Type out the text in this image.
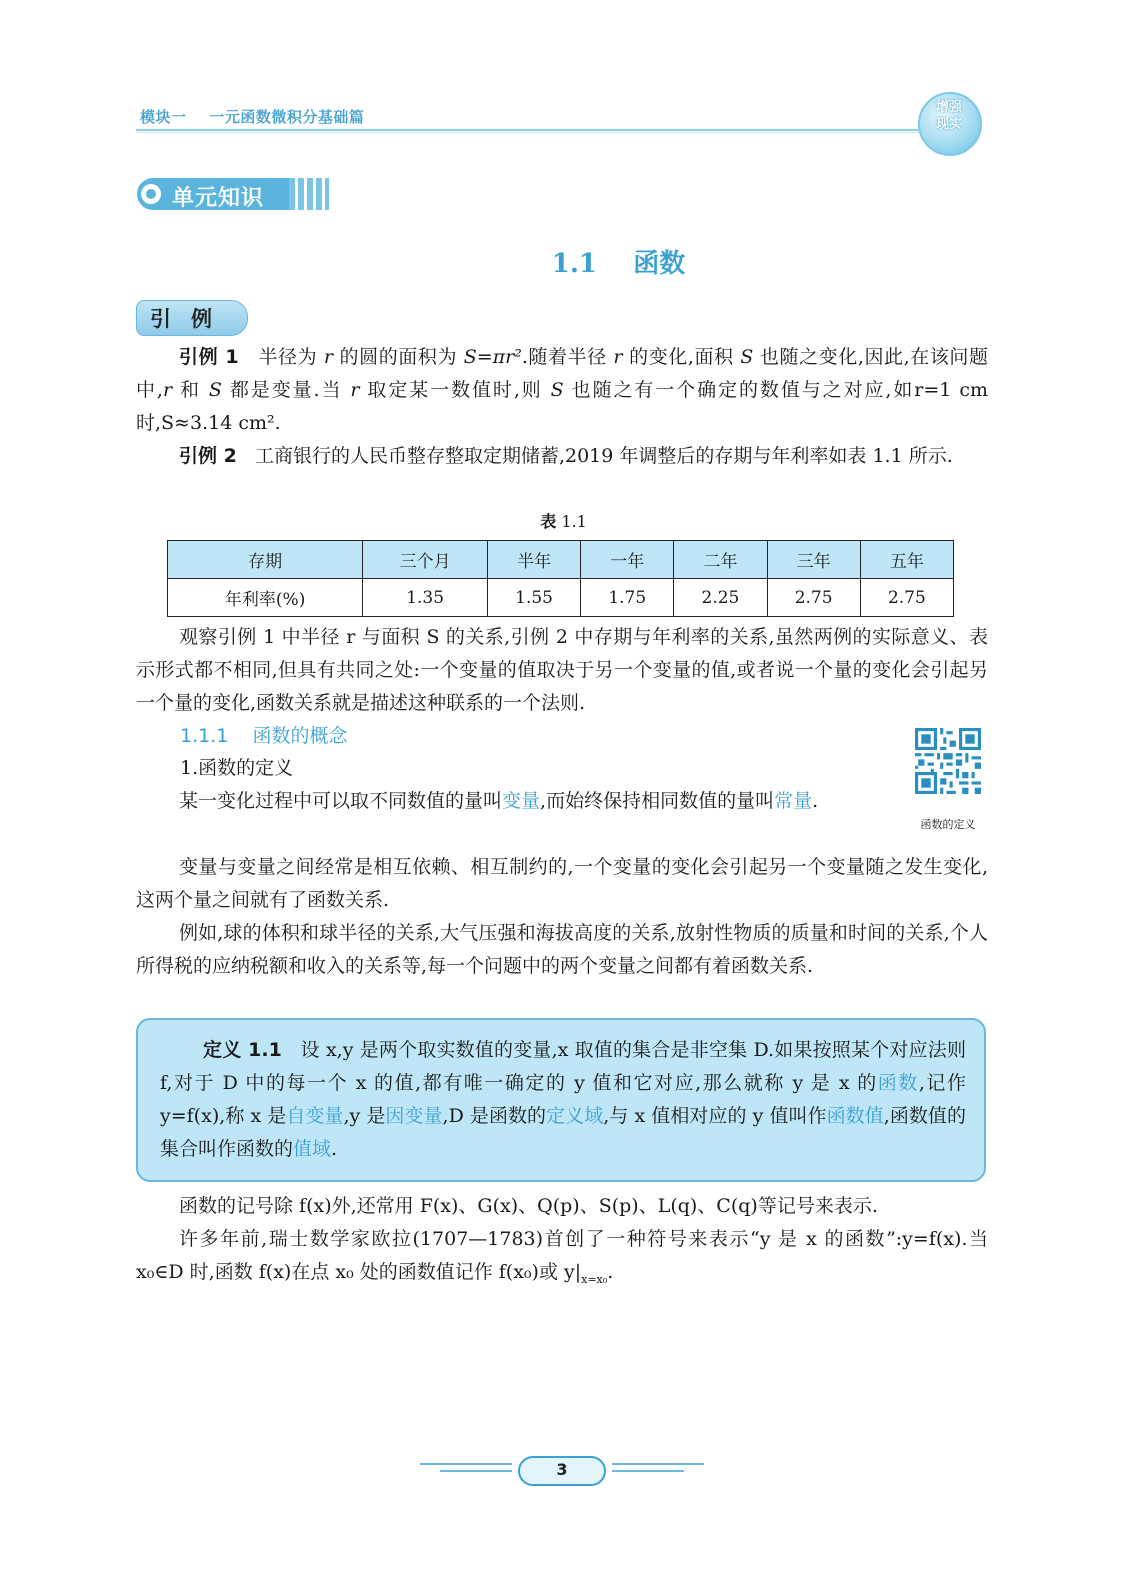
模块一    一元函数微积分基础篇
增强
现实
单元知识
1.1    函数
引例
引例 1 半径为 r 的圆的面积为 S=πr².随着半径 r 的变化,面积 S 也随之变化,因此,在该问题中,r 和 S 都是变量.当 r 取定某一数值时,则 S 也随之有一个确定的数值与之对应,如r=1 cm 时,S≈3.14 cm².
引例 2 工商银行的人民币整存整取定期储蓄,2019 年调整后的存期与年利率如表 1.1 所示.
表 1.1
存期	三个月	半年	一年	二年	三年	五年
年利率(%)	1.35	1.55	1.75	2.25	2.75	2.75
观察引例 1 中半径 r 与面积 S 的关系,引例 2 中存期与年利率的关系,虽然两例的实际意义、表示形式都不相同,但具有共同之处:一个变量的值取决于另一个变量的值,或者说一个量的变化会引起另一个量的变化,函数关系就是描述这种联系的一个法则.
1.1.1    函数的概念
1.函数的定义
函数的定义
某一变化过程中可以取不同数值的量叫变量,而始终保持相同数值的量叫常量.
变量与变量之间经常是相互依赖、相互制约的,一个变量的变化会引起另一个变量随之发生变化,这两个量之间就有了函数关系.
例如,球的体积和球半径的关系,大气压强和海拔高度的关系,放射性物质的质量和时间的关系,个人所得税的应纳税额和收入的关系等,每一个问题中的两个变量之间都有着函数关系.
定义 1.1 设 x,y 是两个取实数值的变量,x 取值的集合是非空集 D.如果按照某个对应法则 f,对于 D 中的每一个 x 的值,都有唯一确定的 y 值和它对应,那么就称 y 是 x 的函数,记作 y=f(x),称 x 是自变量,y 是因变量,D 是函数的定义域,与 x 值相对应的 y 值叫作函数值,函数值的集合叫作函数的值域.
函数的记号除 f(x)外,还常用 F(x)、G(x)、Q(p)、S(p)、L(q)、C(q)等记号来表示.
许多年前,瑞士数学家欧拉(1707—1783)首创了一种符号来表示“y 是 x 的函数”:y=f(x).当 x₀∈D 时,函数 f(x)在点 x₀ 处的函数值记作 f(x₀)或 $y|_{x=x_0}$.
3
